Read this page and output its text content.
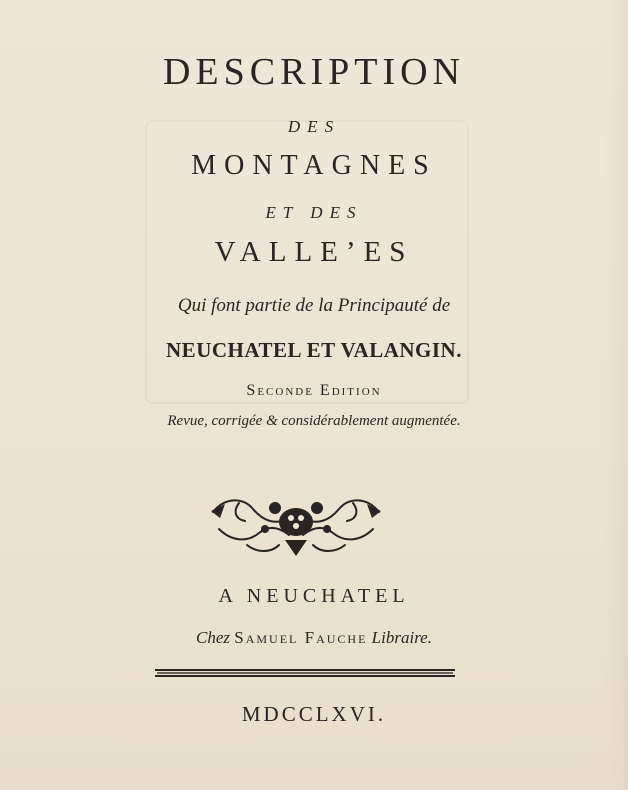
DESCRIPTION
DES
MONTAGNES
ET DES
VALLE’ES
Qui font partie de la Principauté de
NEUCHATEL ET VALANGIN.
Seconde Edition
Revue, corrigée & considérablement augmentée.
A NEUCHATEL
Chez Samuel Fauche Libraire.
MDCCLXVI.
